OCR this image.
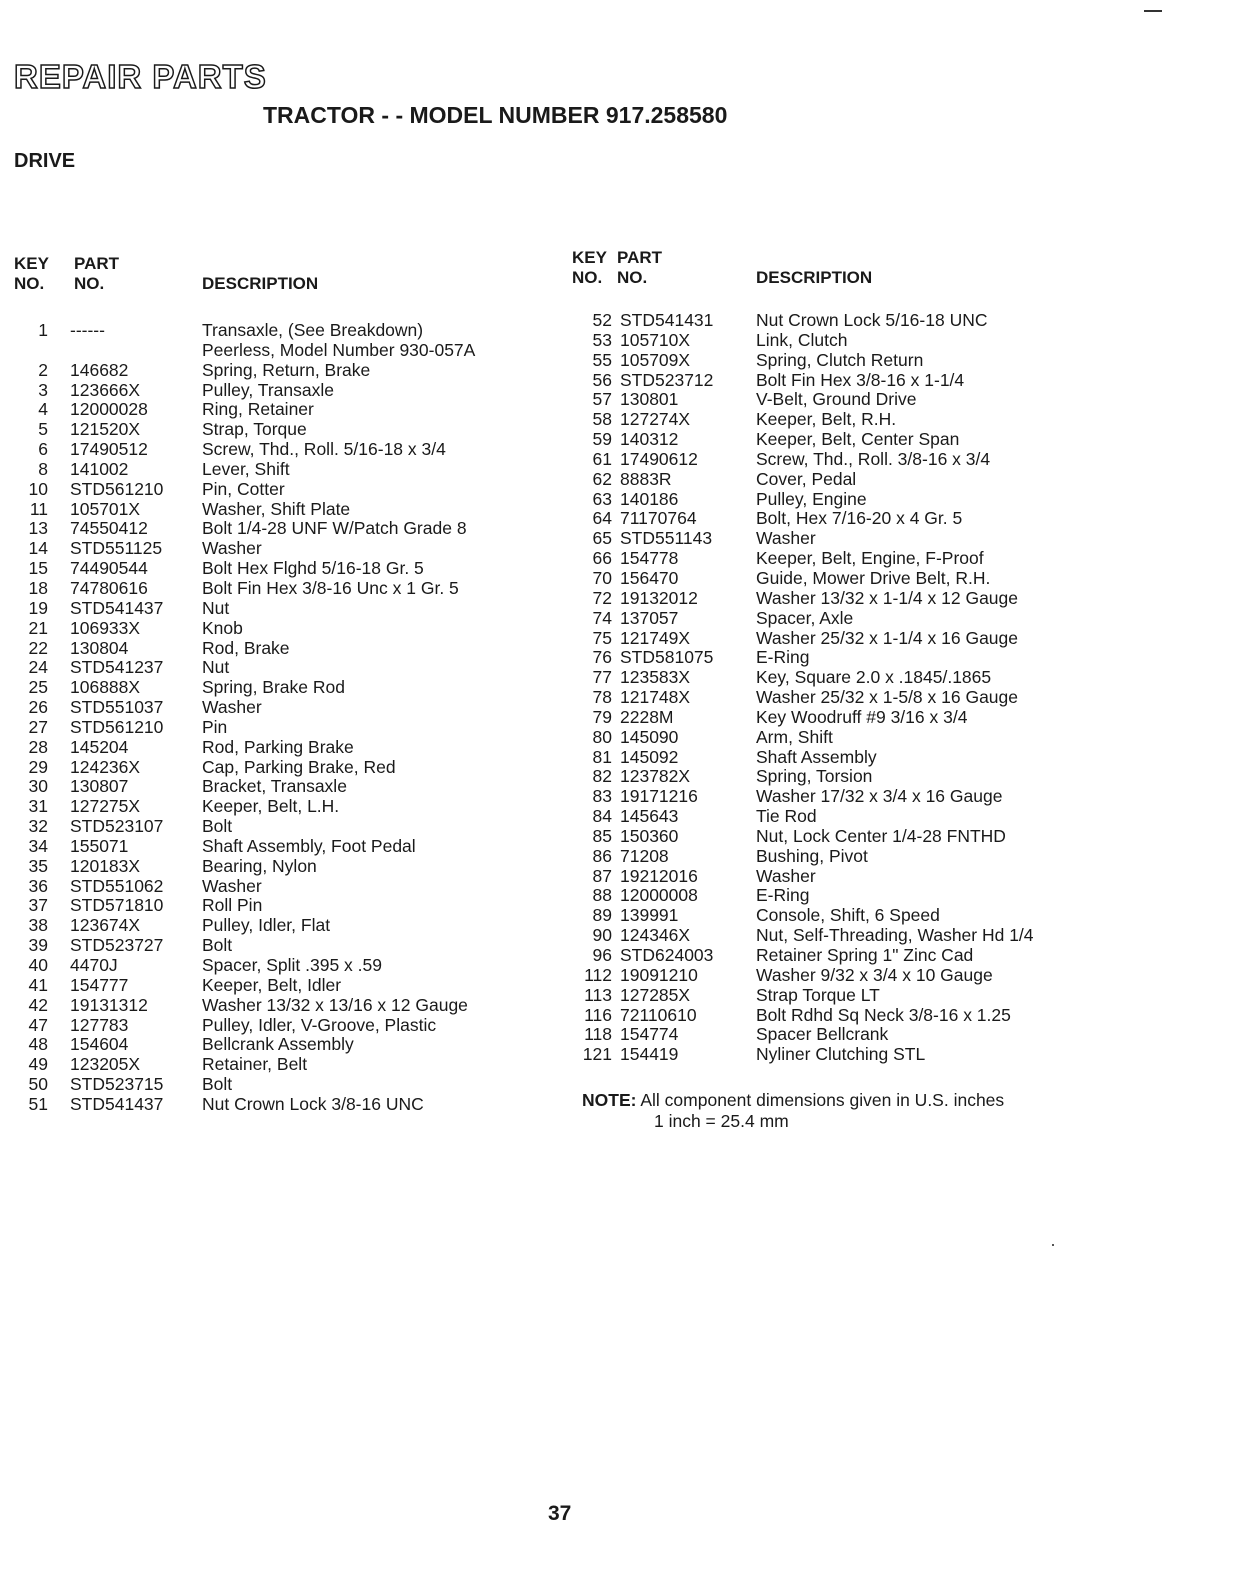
REPAIR PARTS
TRACTOR - - MODEL NUMBER 917.258580
DRIVE
KEY
NO.
PART
NO.	DESCRIPTION
1 ------	Transaxle, (See Breakdown)
Peerless, Model Number 930-057A
2 146682	Spring, Return, Brake
3 123666X	Pulley, Transaxle
4 12000028	Ring, Retainer
5 121520X	Strap, Torque
6 17490512	Screw, Thd., Roll. 5/16-18 x 3/4
8 141002	Lever, Shift
10 STD561210 Pin, Cotter
11 105701X	Washer, Shift Plate
13 74550412	Bolt 1/4-28 UNF W/Patch Grade 8
14 STD551125 Washer
15 74490544	Bolt Hex Flghd 5/16-18 Gr. 5
18 74780616	Bolt Fin Hex 3/8-16 Unc x 1 Gr. 5
19 STD541437 Nut
21 106933X	Knob
22 130804	Rod, Brake
24 STD541237 Nut
25 106888X	Spring, Brake Rod
26 STD551037 Washer
27 STD561210 Pin
28 145204	Rod, Parking Brake
29 124236X	Cap, Parking Brake, Red
30 130807	Bracket, Transaxle
31 127275X	Keeper, Belt, L.H.
32 STD523107 Bolt
34 155071	Shaft Assembly, Foot Pedal
35 120183X	Bearing, Nylon
36 STD551062 Washer
37 STD571810 Roll Pin
38 123674X	Pulley, Idler, Flat
39 STD523727 Bolt
40 4470J	Spacer, Split .395 x .59
41 154777	Keeper, Belt, Idler
42 19131312	Washer 13/32 x 13/16 x 12 Gauge
47 127783	Pulley, Idler, V-Groove, Plastic
48 154604	Bellcrank Assembly
49 123205X	Retainer, Belt
50 STD523715 Bolt
51 STD541437 Nut Crown Lock 3/8-16 UNC
KEY
NO.
PART
NO.	DESCRIPTION
52 STD541431 Nut Crown Lock 5/16-18 UNC
53 105710X	Link, Clutch
55 105709X	Spring, Clutch Return
56 STD523712 Bolt Fin Hex 3/8-16 x 1-1/4
57 130801	V-Belt, Ground Drive
58 127274X	Keeper, Belt, R.H.
59 140312	Keeper, Belt, Center Span
61 17490612	Screw, Thd., Roll. 3/8-16 x 3/4
62 8883R	Cover, Pedal
63 140186	Pulley, Engine
64 71170764	Bolt, Hex 7/16-20 x 4 Gr. 5
65 STD551143	Washer
66 154778	Keeper, Belt, Engine, F-Proof
70 156470	Guide, Mower Drive Belt, R.H.
72 19132012	Washer 13/32 x 1-1/4 x 12 Gauge
74 137057	Spacer, Axle
75 121749X	Washer 25/32 x 1-1/4 x 16 Gauge
76 STD581075 E-Ring
77 123583X	Key, Square 2.0 x .1845/.1865
78 121748X	Washer 25/32 x 1-5/8 x 16 Gauge
79 2228M	Key Woodruff #9 3/16 x 3/4
80 145090	Arm, Shift
81 145092	Shaft Assembly
82 123782X	Spring, Torsion
83 19171216	Washer 17/32 x 3/4 x 16 Gauge
84 145643	Tie Rod
85 150360	Nut, Lock Center 1/4-28 FNTHD
86 71208	Bushing, Pivot
87 19212016	Washer
88 12000008	E-Ring
89 139991	Console, Shift, 6 Speed
90 124346X	Nut, Self-Threading, Washer Hd 1/4
96 STD624003 Retainer Spring 1" Zinc Cad
112 19091210	Washer 9/32 x 3/4 x 10 Gauge
113 127285X	Strap Torque LT
116 72110610	Bolt Rdhd Sq Neck 3/8-16 x 1.25
118 154774	Spacer Bellcrank
121 154419	Nyliner Clutching STL
NOTE: All component dimensions given in U.S. inches
1 inch = 25.4 mm
37
